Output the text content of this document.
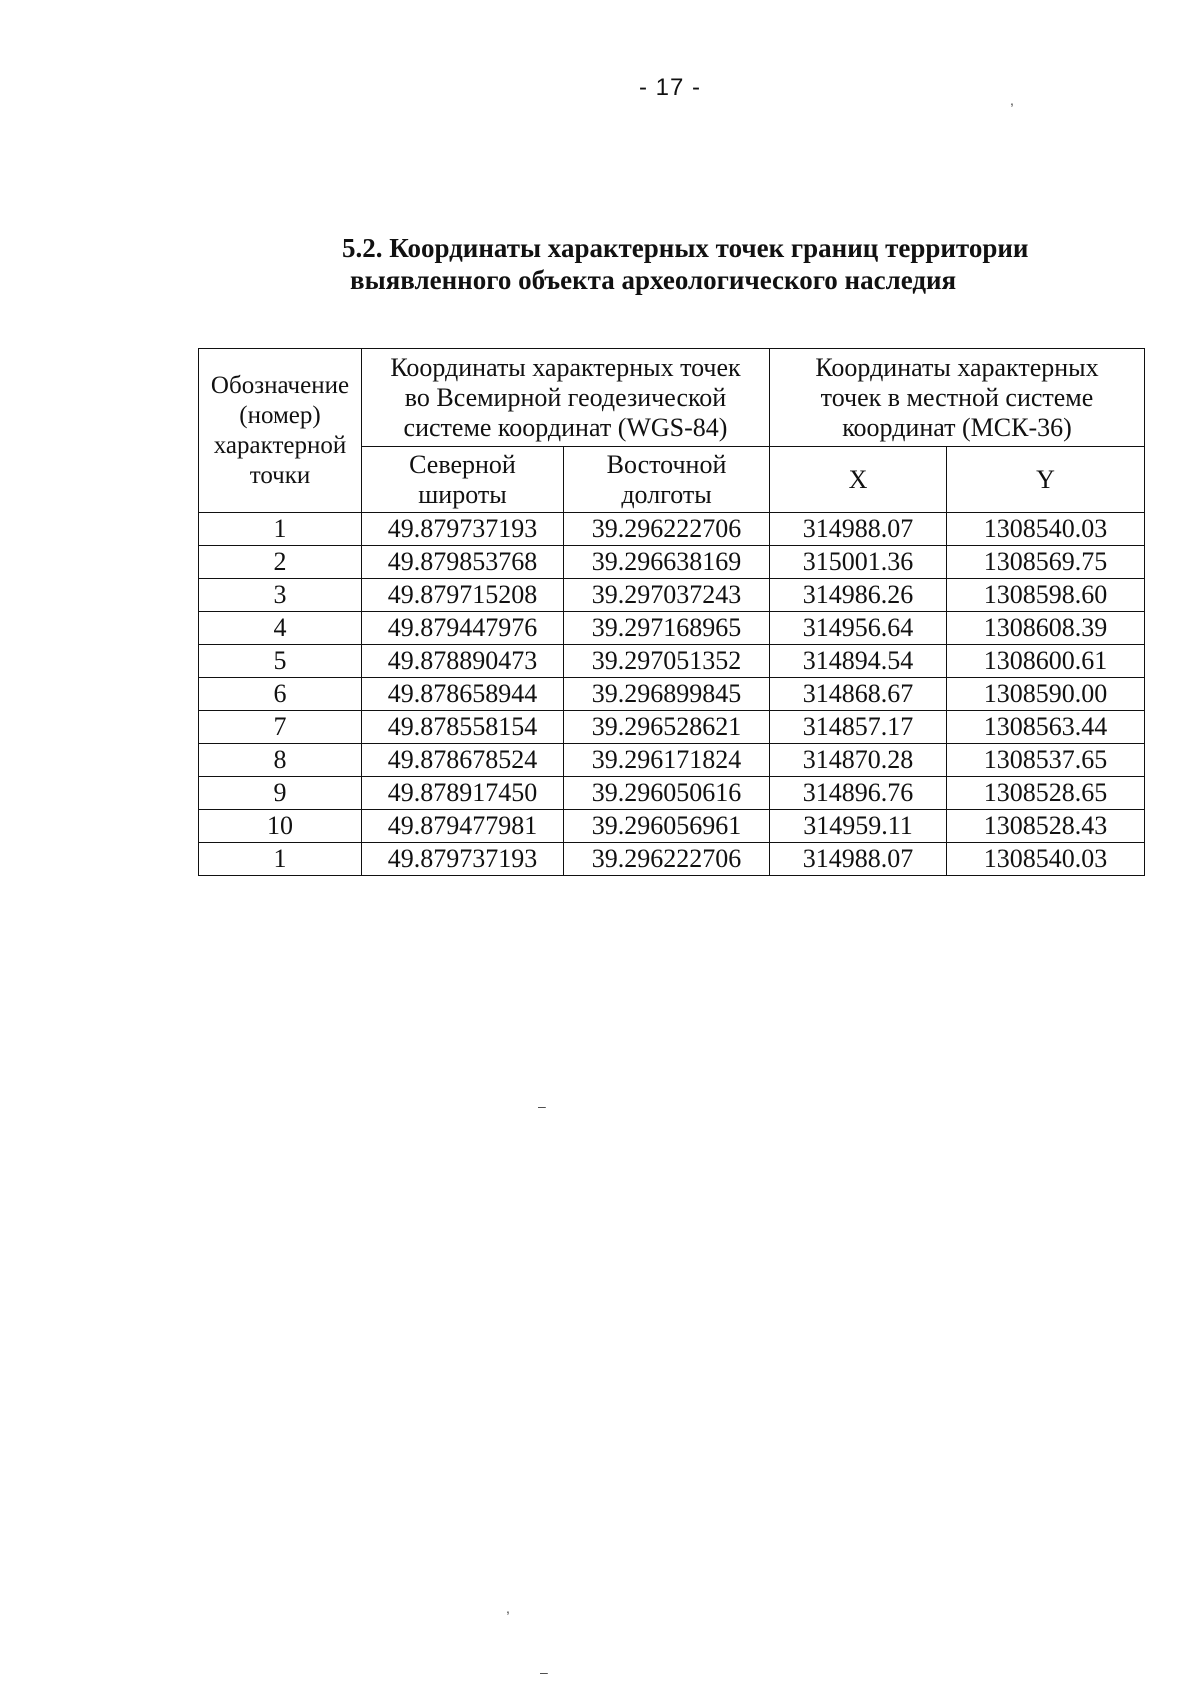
- 17 -
5.2. Координаты характерных точек границ территории
выявленного объекта археологического наследия
Обозначение (номер) характерной точки	Координаты характерных точек во Всемирной геодезической системе координат (WGS-84)		Координаты характерных точек в местной системе координат (МСК-36)	
	Северной широты	Восточной долготы	X	Y
1	49.879737193	39.296222706	314988.07	1308540.03
2	49.879853768	39.296638169	315001.36	1308569.75
3	49.879715208	39.297037243	314986.26	1308598.60
4	49.879447976	39.297168965	314956.64	1308608.39
5	49.878890473	39.297051352	314894.54	1308600.61
6	49.878658944	39.296899845	314868.67	1308590.00
7	49.878558154	39.296528621	314857.17	1308563.44
8	49.878678524	39.296171824	314870.28	1308537.65
9	49.878917450	39.296050616	314896.76	1308528.65
10	49.879477981	39.296056961	314959.11	1308528.43
1	49.879737193	39.296222706	314988.07	1308540.03
,
–
,
–
